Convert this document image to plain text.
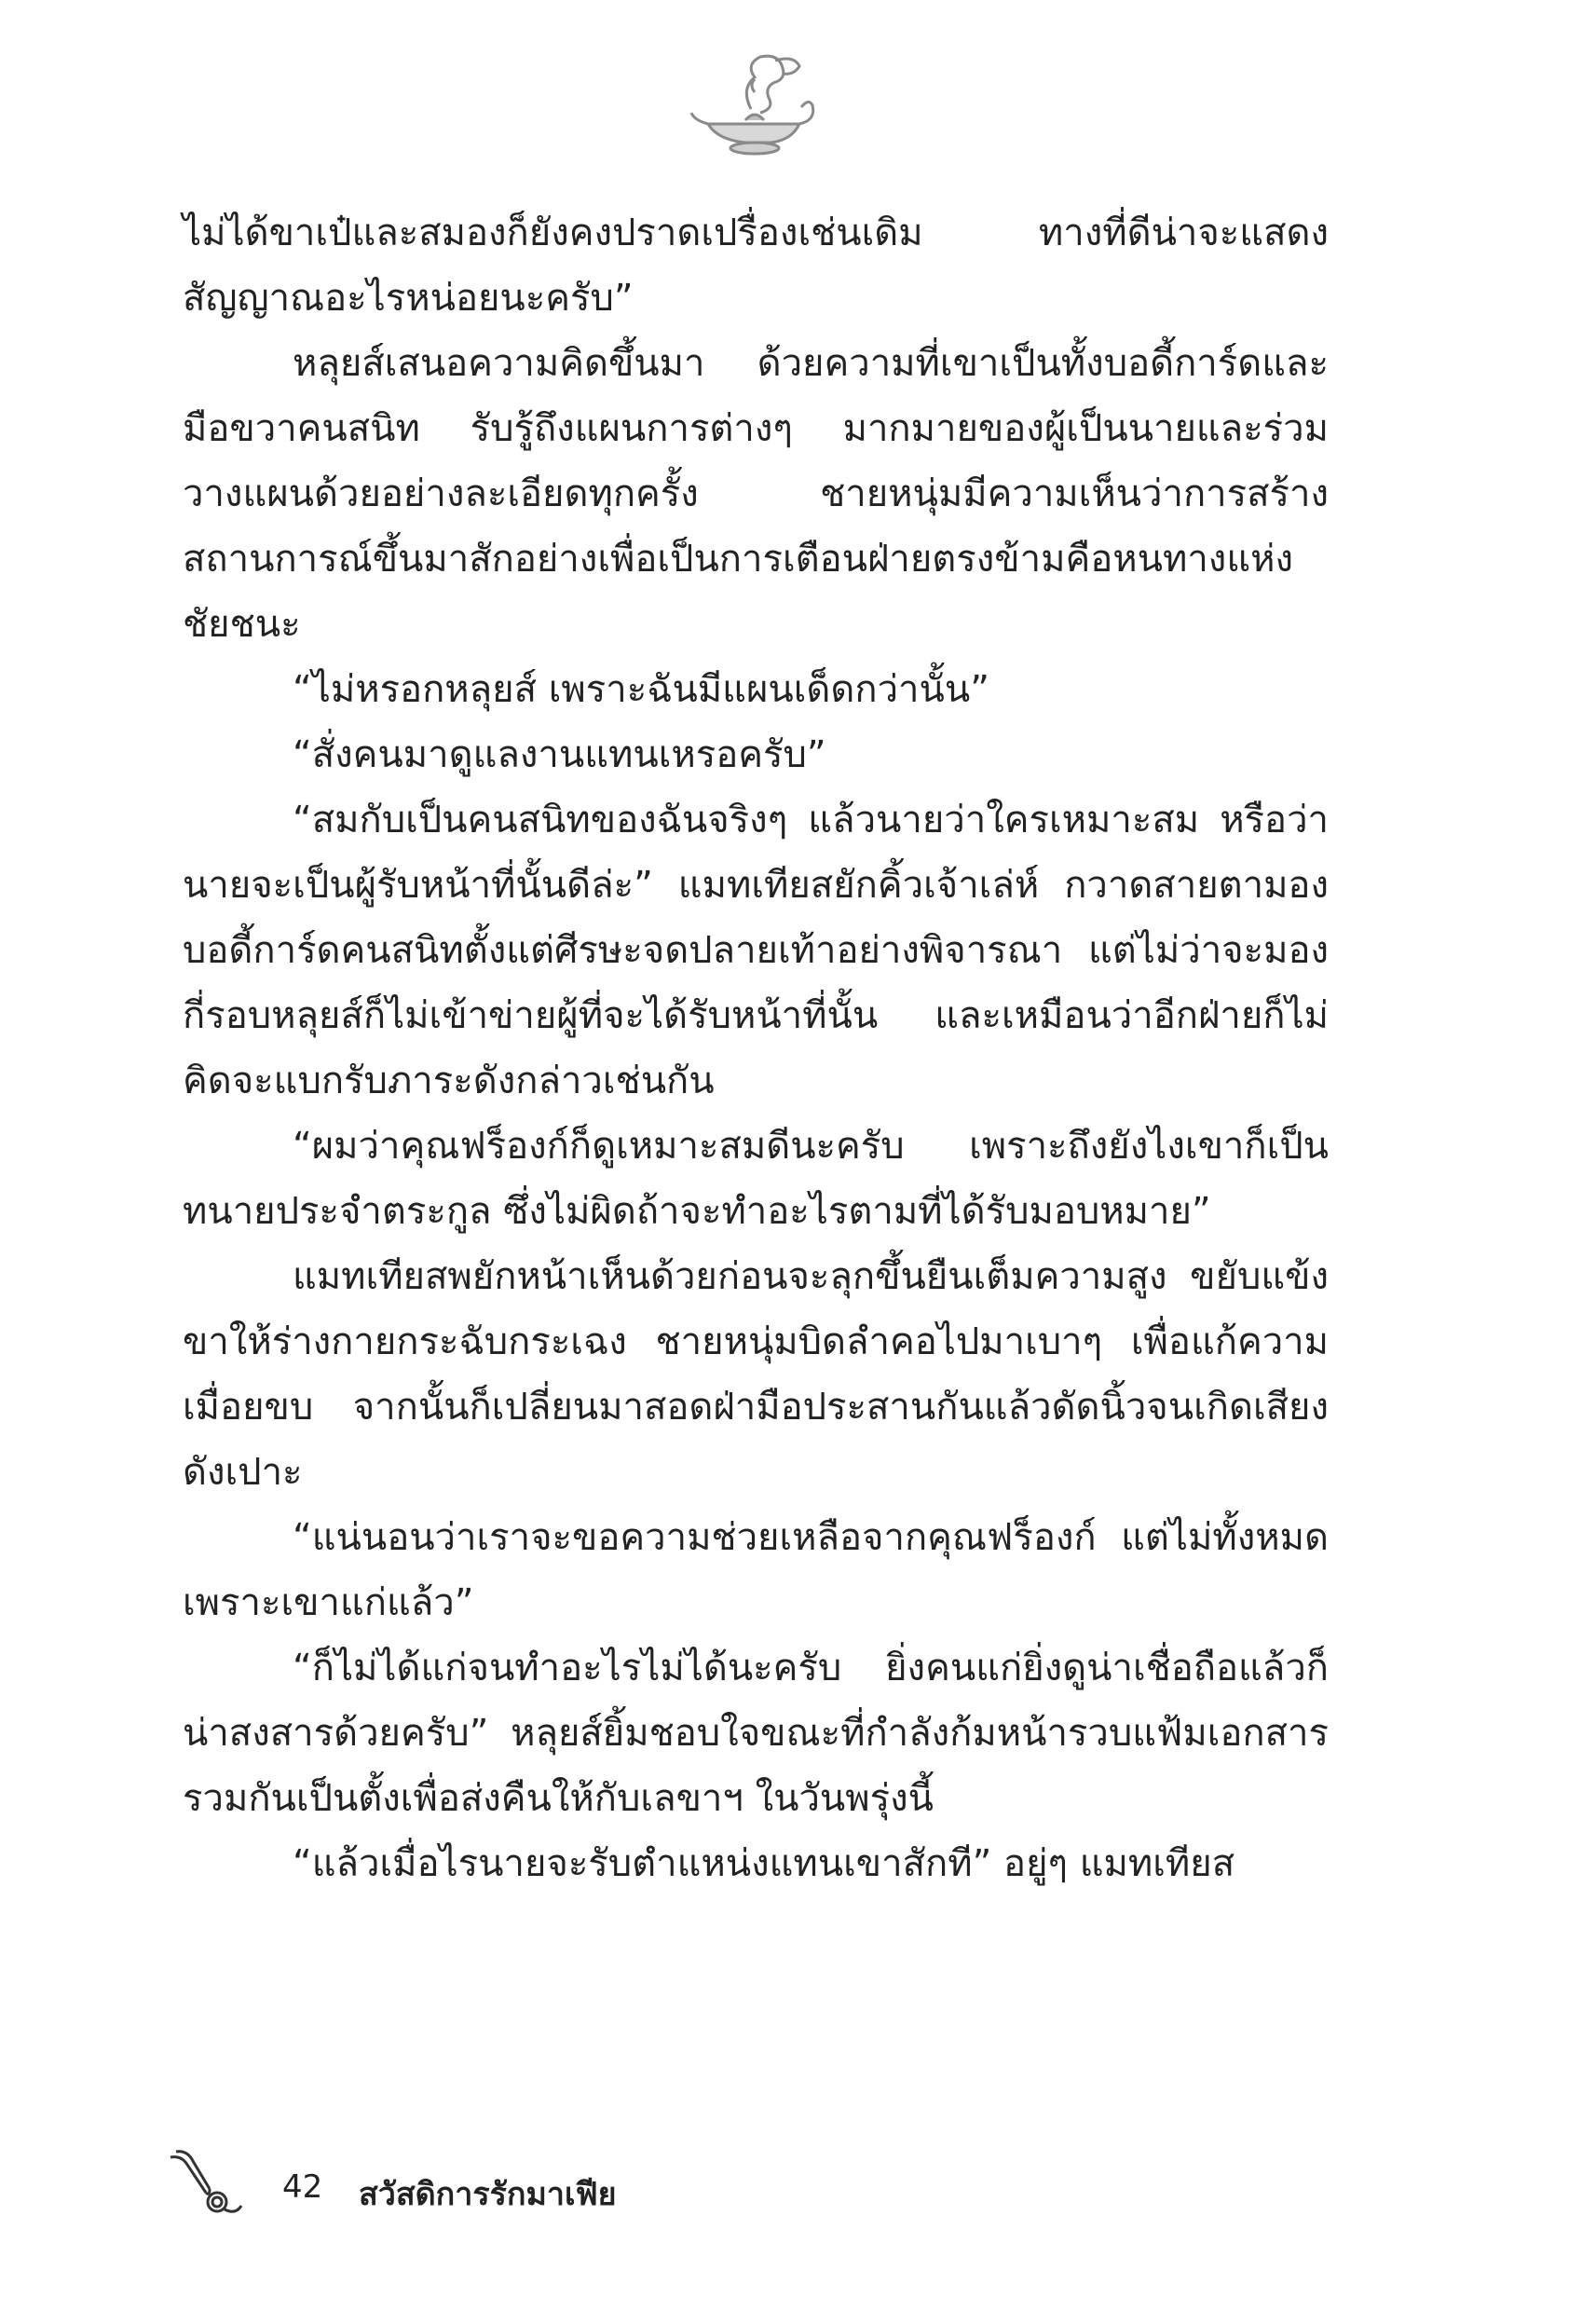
ไม่ได้ขาเป๋และสมองก็ยังคงปราดเปรื่องเช่นเดิม ทางที่ดีน่าจะแสดงสัญญาณอะไรหน่อยนะครับ”

หลุยส์เสนอความคิดขึ้นมา ด้วยความที่เขาเป็นทั้งบอดี้การ์ดและมือขวาคนสนิท รับรู้ถึงแผนการต่างๆ มากมายของผู้เป็นนายและร่วมวางแผนด้วยอย่างละเอียดทุกครั้ง ชายหนุ่มมีความเห็นว่าการสร้างสถานการณ์ขึ้นมาสักอย่างเพื่อเป็นการเตือนฝ่ายตรงข้ามคือหนทางแห่งชัยชนะ

“ไม่หรอกหลุยส์ เพราะฉันมีแผนเด็ดกว่านั้น”

“สั่งคนมาดูแลงานแทนเหรอครับ”

“สมกับเป็นคนสนิทของฉันจริงๆ แล้วนายว่าใครเหมาะสม หรือว่านายจะเป็นผู้รับหน้าที่นั้นดีล่ะ” แมทเทียสยักคิ้วเจ้าเล่ห์ กวาดสายตามองบอดี้การ์ดคนสนิทตั้งแต่ศีรษะจดปลายเท้าอย่างพิจารณา แต่ไม่ว่าจะมองกี่รอบหลุยส์ก็ไม่เข้าข่ายผู้ที่จะได้รับหน้าที่นั้น และเหมือนว่าอีกฝ่ายก็ไม่คิดจะแบกรับภาระดังกล่าวเช่นกัน

“ผมว่าคุณฟร็องก์ก็ดูเหมาะสมดีนะครับ เพราะถึงยังไงเขาก็เป็นทนายประจำตระกูล ซึ่งไม่ผิดถ้าจะทำอะไรตามที่ได้รับมอบหมาย”

แมทเทียสพยักหน้าเห็นด้วยก่อนจะลุกขึ้นยืนเต็มความสูง ขยับแข้งขาให้ร่างกายกระฉับกระเฉง ชายหนุ่มบิดลำคอไปมาเบาๆ เพื่อแก้ความเมื่อยขบ จากนั้นก็เปลี่ยนมาสอดฝ่ามือประสานกันแล้วดัดนิ้วจนเกิดเสียงดังเปาะ

“แน่นอนว่าเราจะขอความช่วยเหลือจากคุณฟร็องก์ แต่ไม่ทั้งหมดเพราะเขาแก่แล้ว”

“ก็ไม่ได้แก่จนทำอะไรไม่ได้นะครับ ยิ่งคนแก่ยิ่งดูน่าเชื่อถือแล้วก็น่าสงสารด้วยครับ” หลุยส์ยิ้มชอบใจขณะที่กำลังก้มหน้ารวบแฟ้มเอกสารรวมกันเป็นตั้งเพื่อส่งคืนให้กับเลขาฯ ในวันพรุ่งนี้

“แล้วเมื่อไรนายจะรับตำแหน่งแทนเขาสักที” อยู่ๆ แมทเทียส

42 สวัสดิการรักมาเฟีย
